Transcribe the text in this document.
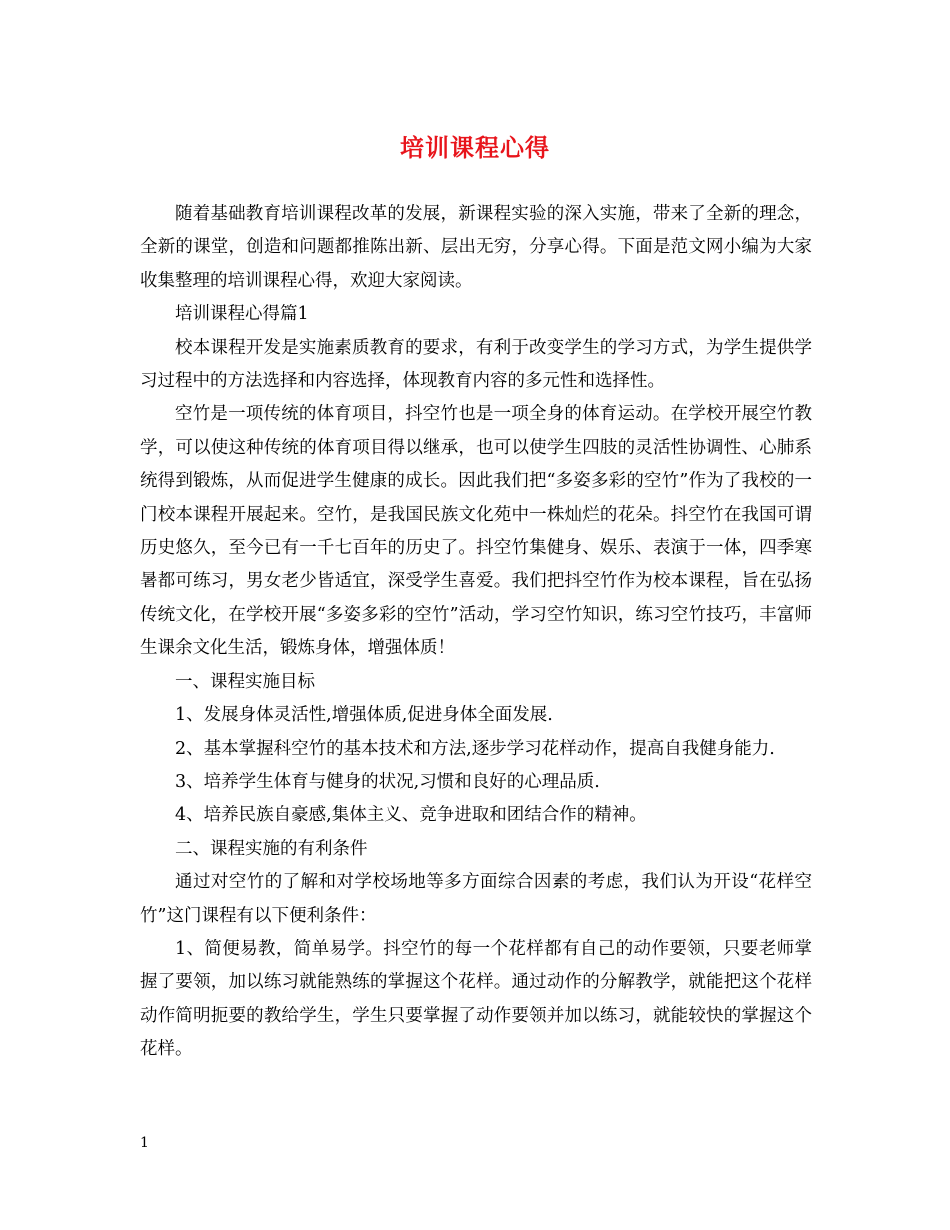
培训课程心得

随着基础教育培训课程改革的发展，新课程实验的深入实施，带来了全新的理念，全新的课堂，创造和问题都推陈出新、层出无穷，分享心得。下面是范文网小编为大家收集整理的培训课程心得，欢迎大家阅读。

培训课程心得篇1

校本课程开发是实施素质教育的要求，有利于改变学生的学习方式，为学生提供学习过程中的方法选择和内容选择，体现教育内容的多元性和选择性。

空竹是一项传统的体育项目，抖空竹也是一项全身的体育运动。在学校开展空竹教学，可以使这种传统的体育项目得以继承，也可以使学生四肢的灵活性协调性、心肺系统得到锻炼，从而促进学生健康的成长。因此我们把“多姿多彩的空竹”作为了我校的一门校本课程开展起来。空竹，是我国民族文化苑中一株灿烂的花朵。抖空竹在我国可谓历史悠久，至今已有一千七百年的历史了。抖空竹集健身、娱乐、表演于一体，四季寒暑都可练习，男女老少皆适宜，深受学生喜爱。我们把抖空竹作为校本课程，旨在弘扬传统文化，在学校开展“多姿多彩的空竹”活动，学习空竹知识，练习空竹技巧，丰富师生课余文化生活，锻炼身体，增强体质！

一、课程实施目标

1、发展身体灵活性,增强体质,促进身体全面发展.

2、基本掌握科空竹的基本技术和方法,逐步学习花样动作，提高自我健身能力.

3、培养学生体育与健身的状况,习惯和良好的心理品质.

4、培养民族自豪感,集体主义、竞争进取和团结合作的精神。

二、课程实施的有利条件

通过对空竹的了解和对学校场地等多方面综合因素的考虑，我们认为开设“花样空竹”这门课程有以下便利条件：

1、简便易教，简单易学。抖空竹的每一个花样都有自己的动作要领，只要老师掌握了要领，加以练习就能熟练的掌握这个花样。通过动作的分解教学，就能把这个花样动作简明扼要的教给学生，学生只要掌握了动作要领并加以练习，就能较快的掌握这个花样。

1
